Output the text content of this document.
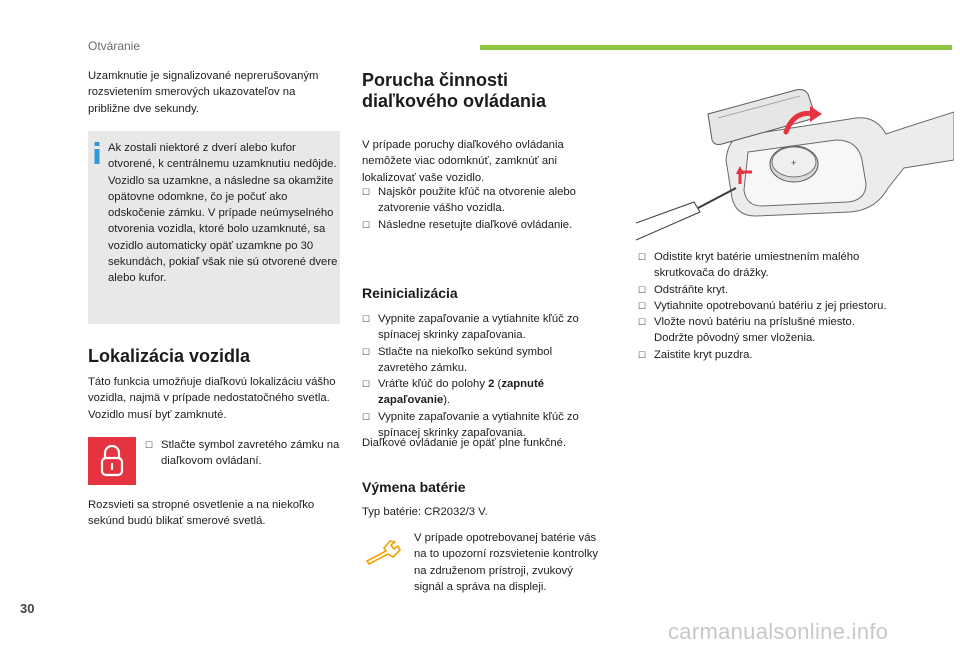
Otváranie
Uzamknutie je signalizované neprerušovaným rozsvietením smerových ukazovateľov na približne dve sekundy.
Ak zostali niektoré z dverí alebo kufor otvorené, k centrálnemu uzamknutiu nedôjde. Vozidlo sa uzamkne, a následne sa okamžite opätovne odomkne, čo je počuť ako odskočenie zámku. V prípade neúmyselného otvorenia vozidla, ktoré bolo uzamknuté, sa vozidlo automaticky opäť uzamkne po 30 sekundách, pokiaľ však nie sú otvorené dvere alebo kufor.
Lokalizácia vozidla
Táto funkcia umožňuje diaľkovú lokalizáciu vášho vozidla, najmä v prípade nedostatočného svetla. Vozidlo musí byť zamknuté.
☐ Stlačte symbol zavretého zámku na diaľkovom ovládaní.
Rozsvieti sa stropné osvetlenie a na niekoľko sekúnd budú blikať smerové svetlá.
Porucha činnosti
diaľkového ovládania
V prípade poruchy diaľkového ovládania nemôžete viac odomknúť, zamknúť ani lokalizovať vaše vozidlo.
☐ Najskôr použite kľúč na otvorenie alebo zatvorenie vášho vozidla.
☐ Následne resetujte diaľkové ovládanie.
Reinicializácia
☐ Vypnite zapaľovanie a vytiahnite kľúč zo spínacej skrinky zapaľovania.
☐ Stlačte na niekoľko sekúnd symbol zavretého zámku.
☐ Vráťte kľúč do polohy 2 (zapnuté zapaľovanie).
☐ Vypnite zapaľovanie a vytiahnite kľúč zo spínacej skrinky zapaľovania.
Diaľkové ovládanie je opäť plne funkčné.
Výmena batérie
Typ batérie: CR2032/3 V.
V prípade opotrebovanej batérie vás na to upozorní rozsvietenie kontrolky na združenom prístroji, zvukový signál a správa na displeji.
+
☐ Odistite kryt batérie umiestnením malého skrutkovača do drážky.
☐ Odstráňte kryt.
☐ Vytiahnite opotrebovanú batériu z jej priestoru.
☐ Vložte novú batériu na príslušné miesto. Dodržte pôvodný smer vloženia.
☐ Zaistite kryt puzdra.
30
carmanualsonline.info
